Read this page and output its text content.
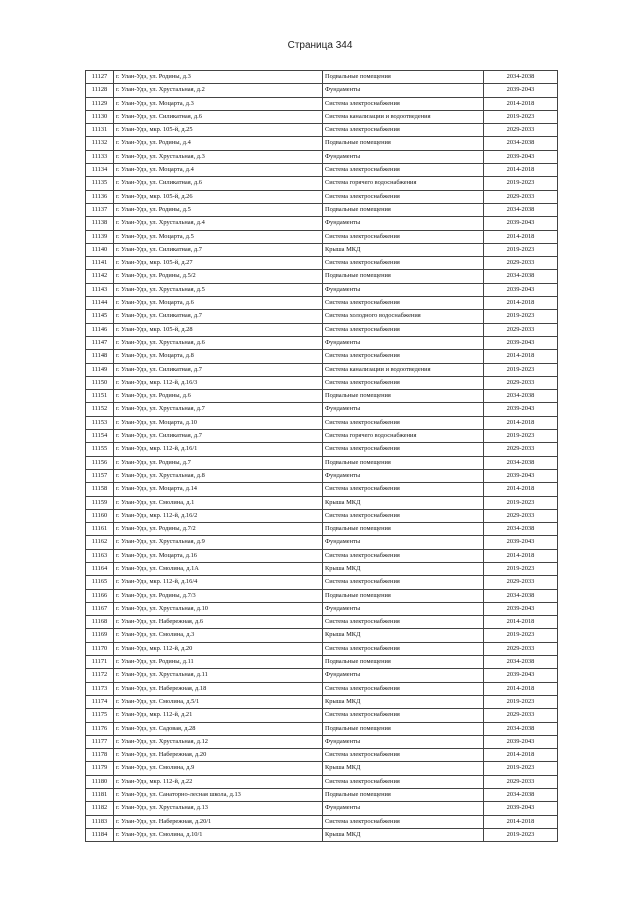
Страница 344
11127	г. Улан-Удэ, ул. Родины, д.3	Подвальные помещения	2034-2038
11128	г. Улан-Удэ, ул. Хрустальная, д.2	Фундаменты	2039-2043
11129	г. Улан-Удэ, ул. Моцарта, д.3	Система электроснабжения	2014-2018
11130	г. Улан-Удэ, ул. Силикатная, д.6	Система канализации и водоотведения	2019-2023
11131	г. Улан-Удэ, мкр. 105-й, д.25	Система электроснабжения	2029-2033
11132	г. Улан-Удэ, ул. Родины, д.4	Подвальные помещения	2034-2038
11133	г. Улан-Удэ, ул. Хрустальная, д.3	Фундаменты	2039-2043
11134	г. Улан-Удэ, ул. Моцарта, д.4	Система электроснабжения	2014-2018
11135	г. Улан-Удэ, ул. Силикатная, д.6	Система горячего водоснабжения	2019-2023
11136	г. Улан-Удэ, мкр. 105-й, д.26	Система электроснабжения	2029-2033
11137	г. Улан-Удэ, ул. Родины, д.5	Подвальные помещения	2034-2038
11138	г. Улан-Удэ, ул. Хрустальная, д.4	Фундаменты	2039-2043
11139	г. Улан-Удэ, ул. Моцарта, д.5	Система электроснабжения	2014-2018
11140	г. Улан-Удэ, ул. Силикатная, д.7	Крыша МКД	2019-2023
11141	г. Улан-Удэ, мкр. 105-й, д.27	Система электроснабжения	2029-2033
11142	г. Улан-Удэ, ул. Родины, д.5/2	Подвальные помещения	2034-2038
11143	г. Улан-Удэ, ул. Хрустальная, д.5	Фундаменты	2039-2043
11144	г. Улан-Удэ, ул. Моцарта, д.6	Система электроснабжения	2014-2018
11145	г. Улан-Удэ, ул. Силикатная, д.7	Система холодного водоснабжения	2019-2023
11146	г. Улан-Удэ, мкр. 105-й, д.28	Система электроснабжения	2029-2033
11147	г. Улан-Удэ, ул. Хрустальная, д.6	Фундаменты	2039-2043
11148	г. Улан-Удэ, ул. Моцарта, д.8	Система электроснабжения	2014-2018
11149	г. Улан-Удэ, ул. Силикатная, д.7	Система канализации и водоотведения	2019-2023
11150	г. Улан-Удэ, мкр. 112-й, д.16/3	Система электроснабжения	2029-2033
11151	г. Улан-Удэ, ул. Родины, д.6	Подвальные помещения	2034-2038
11152	г. Улан-Удэ, ул. Хрустальная, д.7	Фундаменты	2039-2043
11153	г. Улан-Удэ, ул. Моцарта, д.10	Система электроснабжения	2014-2018
11154	г. Улан-Удэ, ул. Силикатная, д.7	Система горячего водоснабжения	2019-2023
11155	г. Улан-Удэ, мкр. 112-й, д.16/1	Система электроснабжения	2029-2033
11156	г. Улан-Удэ, ул. Родины, д.7	Подвальные помещения	2034-2038
11157	г. Улан-Удэ, ул. Хрустальная, д.8	Фундаменты	2039-2043
11158	г. Улан-Удэ, ул. Моцарта, д.14	Система электроснабжения	2014-2018
11159	г. Улан-Удэ, ул. Смолина, д.1	Крыша МКД	2019-2023
11160	г. Улан-Удэ, мкр. 112-й, д.16/2	Система электроснабжения	2029-2033
11161	г. Улан-Удэ, ул. Родины, д.7/2	Подвальные помещения	2034-2038
11162	г. Улан-Удэ, ул. Хрустальная, д.9	Фундаменты	2039-2043
11163	г. Улан-Удэ, ул. Моцарта, д.16	Система электроснабжения	2014-2018
11164	г. Улан-Удэ, ул. Смолина, д.1А	Крыша МКД	2019-2023
11165	г. Улан-Удэ, мкр. 112-й, д.16/4	Система электроснабжения	2029-2033
11166	г. Улан-Удэ, ул. Родины, д.7/3	Подвальные помещения	2034-2038
11167	г. Улан-Удэ, ул. Хрустальная, д.10	Фундаменты	2039-2043
11168	г. Улан-Удэ, ул. Набережная, д.6	Система электроснабжения	2014-2018
11169	г. Улан-Удэ, ул. Смолина, д.3	Крыша МКД	2019-2023
11170	г. Улан-Удэ, мкр. 112-й, д.20	Система электроснабжения	2029-2033
11171	г. Улан-Удэ, ул. Родины, д.11	Подвальные помещения	2034-2038
11172	г. Улан-Удэ, ул. Хрустальная, д.11	Фундаменты	2039-2043
11173	г. Улан-Удэ, ул. Набережная, д.18	Система электроснабжения	2014-2018
11174	г. Улан-Удэ, ул. Смолина, д.5/1	Крыша МКД	2019-2023
11175	г. Улан-Удэ, мкр. 112-й, д.21	Система электроснабжения	2029-2033
11176	г. Улан-Удэ, ул. Садовая, д.28	Подвальные помещения	2034-2038
11177	г. Улан-Удэ, ул. Хрустальная, д.12	Фундаменты	2039-2043
11178	г. Улан-Удэ, ул. Набережная, д.20	Система электроснабжения	2014-2018
11179	г. Улан-Удэ, ул. Смолина, д.9	Крыша МКД	2019-2023
11180	г. Улан-Удэ, мкр. 112-й, д.22	Система электроснабжения	2029-2033
11181	г. Улан-Удэ, ул. Санаторно-лесная школа, д.13	Подвальные помещения	2034-2038
11182	г. Улан-Удэ, ул. Хрустальная, д.13	Фундаменты	2039-2043
11183	г. Улан-Удэ, ул. Набережная, д.20/1	Система электроснабжения	2014-2018
11184	г. Улан-Удэ, ул. Смолина, д.10/1	Крыша МКД	2019-2023
